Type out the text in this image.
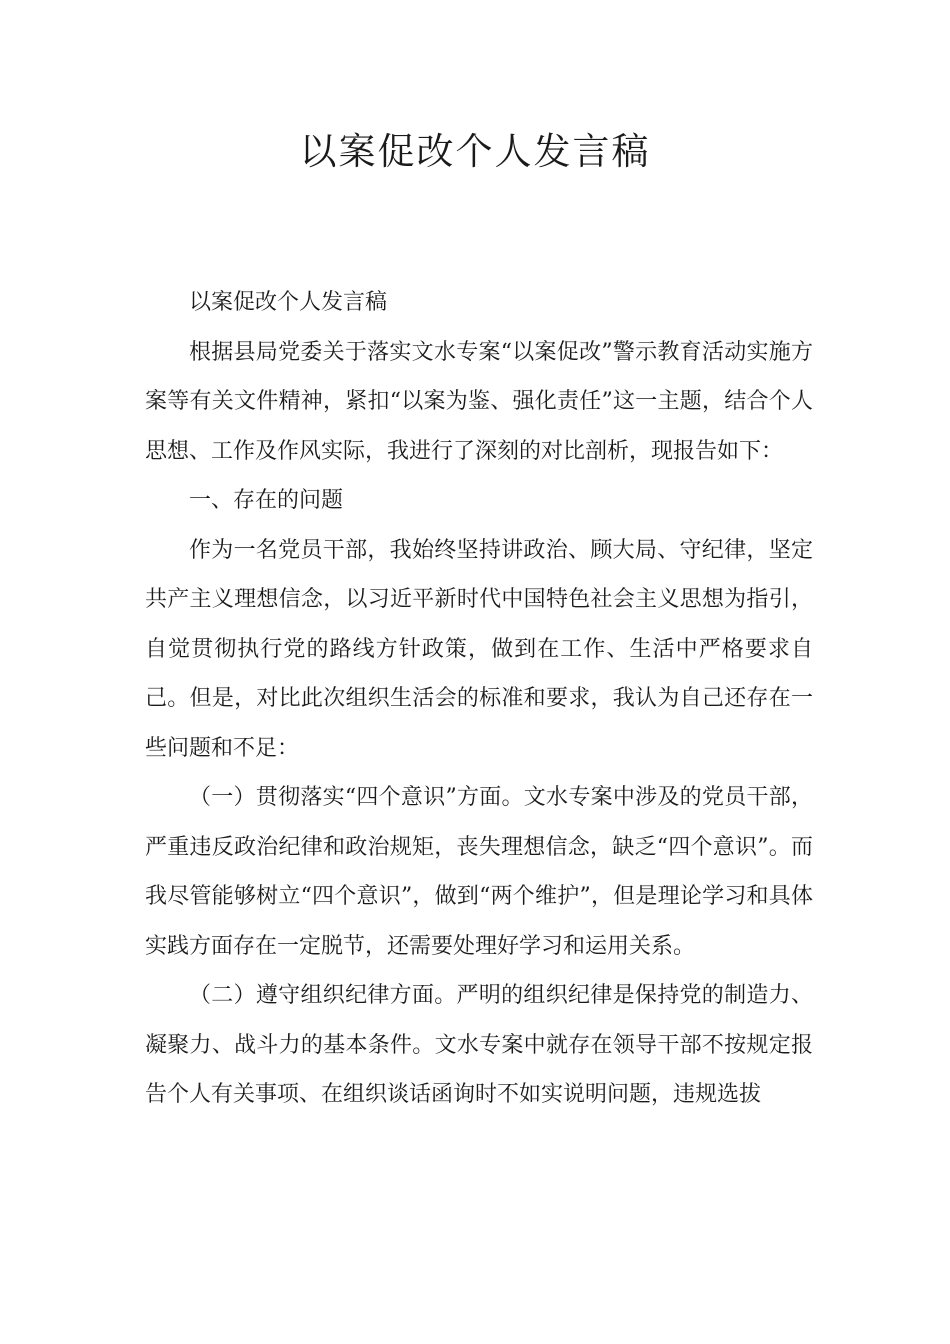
以案促改个人发言稿

以案促改个人发言稿

根据县局党委关于落实文水专案“以案促改”警示教育活动实施方案等有关文件精神，紧扣“以案为鉴、强化责任”这一主题，结合个人思想、工作及作风实际，我进行了深刻的对比剖析，现报告如下：

一、存在的问题

作为一名党员干部，我始终坚持讲政治、顾大局、守纪律，坚定共产主义理想信念，以习近平新时代中国特色社会主义思想为指引，自觉贯彻执行党的路线方针政策，做到在工作、生活中严格要求自己。但是，对比此次组织生活会的标准和要求，我认为自己还存在一些问题和不足：

（一）贯彻落实“四个意识”方面。文水专案中涉及的党员干部，严重违反政治纪律和政治规矩，丧失理想信念，缺乏“四个意识”。而我尽管能够树立“四个意识”，做到“两个维护”，但是理论学习和具体实践方面存在一定脱节，还需要处理好学习和运用关系。

（二）遵守组织纪律方面。严明的组织纪律是保持党的制造力、凝聚力、战斗力的基本条件。文水专案中就存在领导干部不按规定报告个人有关事项、在组织谈话函询时不如实说明问题，违规选拔
